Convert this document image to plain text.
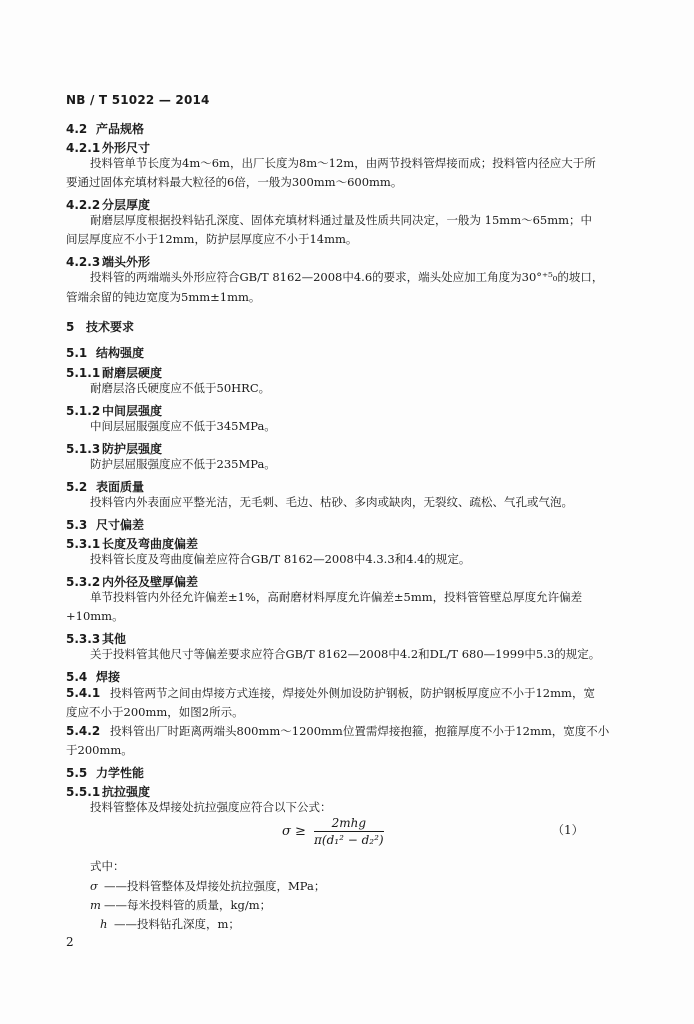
NB / T 51022 — 2014
4.2 产品规格
4.2.1 外形尺寸
投料管单节长度为4m～6m，出厂长度为8m～12m，由两节投料管焊接而成；投料管内径应大于所
要通过固体充填材料最大粒径的6倍，一般为300mm～600mm。
4.2.2 分层厚度
耐磨层厚度根据投料钻孔深度、固体充填材料通过量及性质共同决定，一般为 15mm～65mm；中
间层厚度应不小于12mm，防护层厚度应不小于14mm。
4.2.3 端头外形
投料管的两端端头外形应符合GB/T 8162—2008中4.6的要求，端头处应加工角度为30°⁺⁵₀的坡口，
管端余留的钝边宽度为5mm±1mm。
5 技术要求
5.1 结构强度
5.1.1 耐磨层硬度
耐磨层洛氏硬度应不低于50HRC。
5.1.2 中间层强度
中间层屈服强度应不低于345MPa。
5.1.3 防护层强度
防护层屈服强度应不低于235MPa。
5.2 表面质量
投料管内外表面应平整光洁，无毛刺、毛边、枯砂、多肉或缺肉，无裂纹、疏松、气孔或气泡。
5.3 尺寸偏差
5.3.1 长度及弯曲度偏差
投料管长度及弯曲度偏差应符合GB/T 8162—2008中4.3.3和4.4的规定。
5.3.2 内外径及壁厚偏差
单节投料管内外径允许偏差±1%，高耐磨材料厚度允许偏差±5mm，投料管管壁总厚度允许偏差
+10mm。
5.3.3 其他
关于投料管其他尺寸等偏差要求应符合GB/T 8162—2008中4.2和DL/T 680—1999中5.3的规定。
5.4 焊接
5.4.1 投料管两节之间由焊接方式连接，焊接处外侧加设防护钢板，防护钢板厚度应不小于12mm，宽
度应不小于200mm，如图2所示。
5.4.2 投料管出厂时距离两端头800mm～1200mm位置需焊接抱箍，抱箍厚度不小于12mm，宽度不小
于200mm。
5.5 力学性能
5.5.1 抗拉强度
投料管整体及焊接处抗拉强度应符合以下公式：
$\sigma \ge \frac{\text{2mhg}}{\text{π(d₁² − d₂²)}}$	（1）
式中：
σ ——投料管整体及焊接处抗拉强度，MPa；
m ——每米投料管的质量，kg/m；
h ——投料钻孔深度，m；
2
